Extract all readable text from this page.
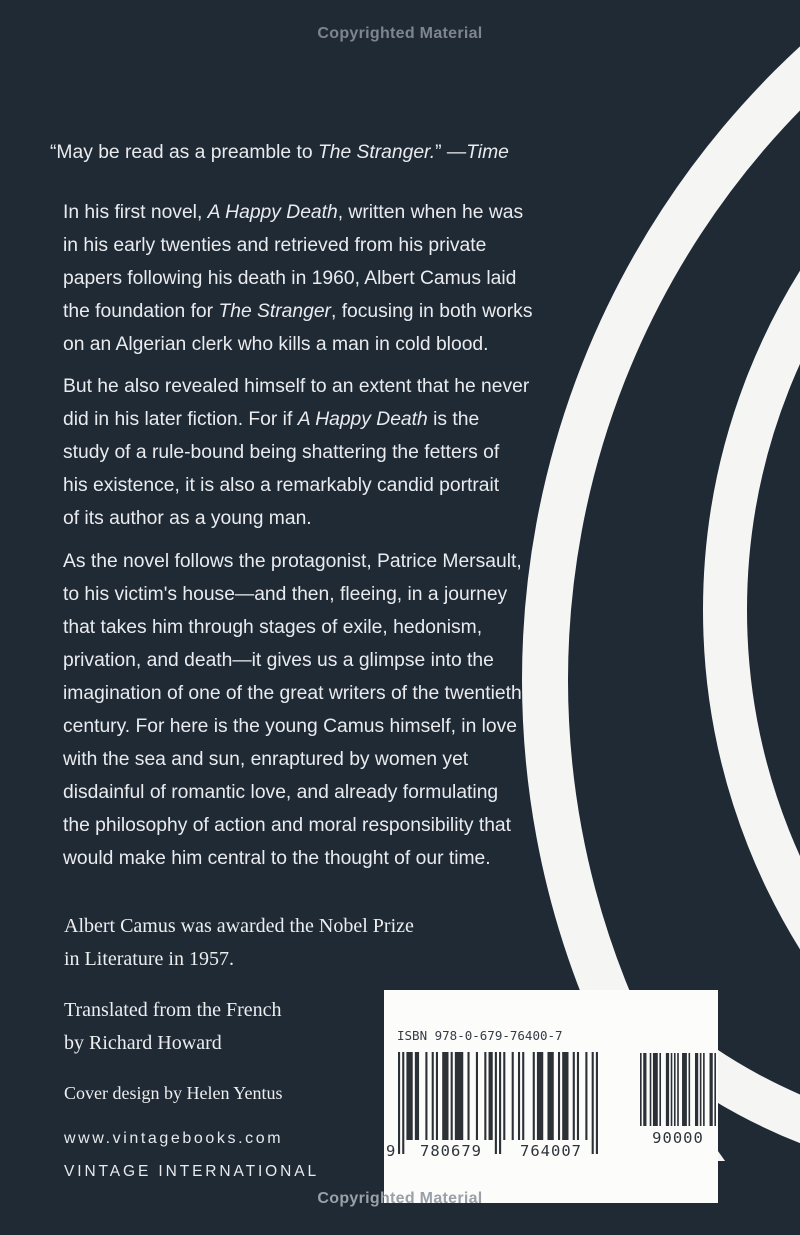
Copyrighted Material
“May be read as a preamble to The Stranger.” —Time
In his first novel, A Happy Death, written when he was
in his early twenties and retrieved from his private
papers following his death in 1960, Albert Camus laid
the foundation for The Stranger, focusing in both works
on an Algerian clerk who kills a man in cold blood.
But he also revealed himself to an extent that he never
did in his later fiction. For if A Happy Death is the
study of a rule-bound being shattering the fetters of
his existence, it is also a remarkably candid portrait
of its author as a young man.
As the novel follows the protagonist, Patrice Mersault,
to his victim's house—and then, fleeing, in a journey
that takes him through stages of exile, hedonism,
privation, and death—it gives us a glimpse into the
imagination of one of the great writers of the twentieth
century. For here is the young Camus himself, in love
with the sea and sun, enraptured by women yet
disdainful of romantic love, and already formulating
the philosophy of action and moral responsibility that
would make him central to the thought of our time.
Albert Camus was awarded the Nobel Prize
in Literature in 1957.
Translated from the French
by Richard Howard
Cover design by Helen Yentus
www.vintagebooks.com
VINTAGE INTERNATIONAL
ISBN 978-0-679-76400-7
9 780679 764007
90000
Copyrighted Material
